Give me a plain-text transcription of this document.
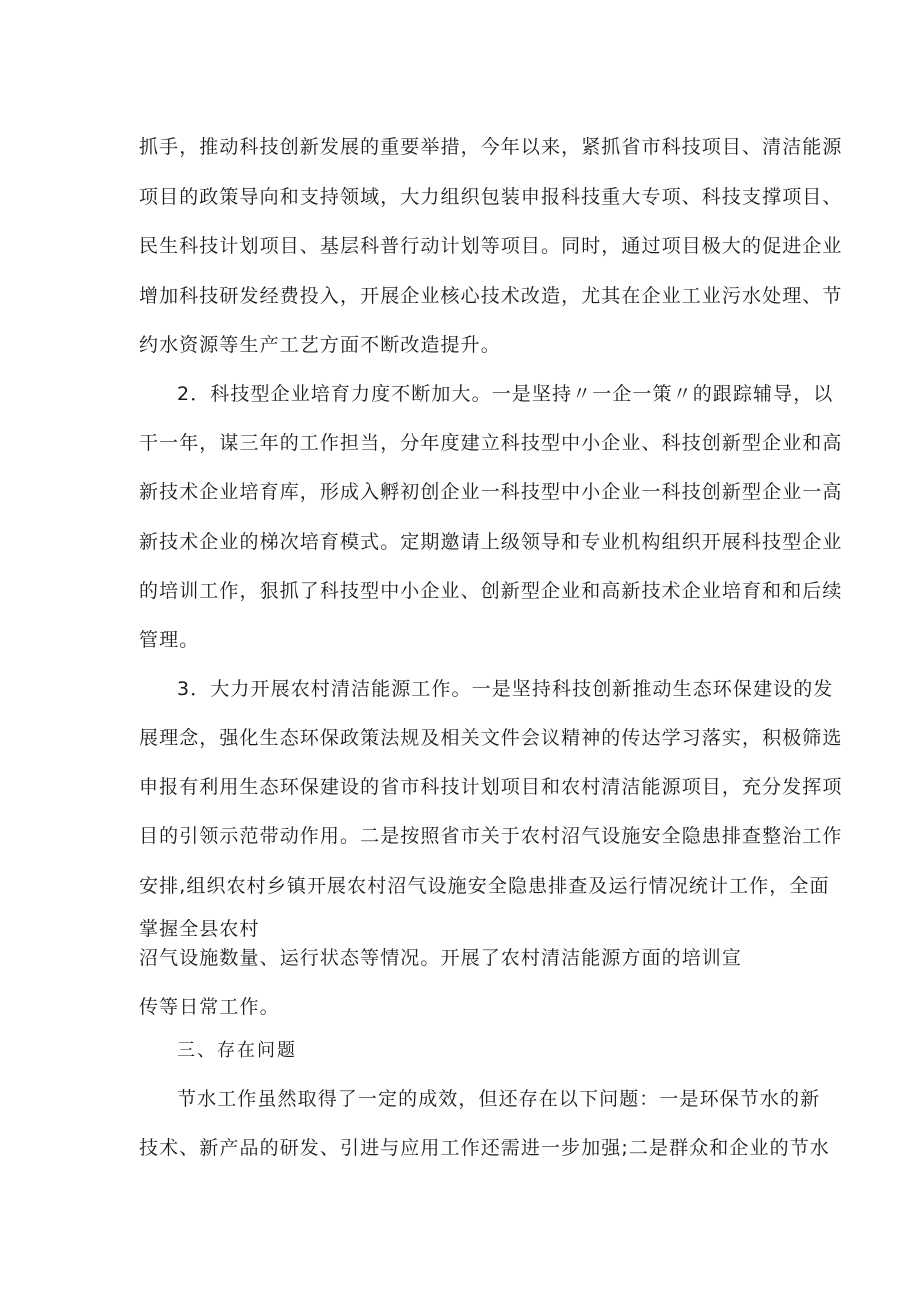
抓手，推动科技创新发展的重要举措，今年以来，紧抓省市科技项目、清洁能源
项目的政策导向和支持领域，大力组织包装申报科技重大专项、科技支撑项目、
民生科技计划项目、基层科普行动计划等项目。同时，通过项目极大的促进企业
增加科技研发经费投入，开展企业核心技术改造，尤其在企业工业污水处理、节
约水资源等生产工艺方面不断改造提升。
2．科技型企业培育力度不断加大。一是坚持〃一企一策〃的跟踪辅导，以
干一年，谋三年的工作担当，分年度建立科技型中小企业、科技创新型企业和高
新技术企业培育库，形成入孵初创企业一科技型中小企业一科技创新型企业一高
新技术企业的梯次培育模式。定期邀请上级领导和专业机构组织开展科技型企业
的培训工作，狠抓了科技型中小企业、创新型企业和高新技术企业培育和和后续
管理。
3．大力开展农村清洁能源工作。一是坚持科技创新推动生态环保建设的发
展理念，强化生态环保政策法规及相关文件会议精神的传达学习落实，积极筛选
申报有利用生态环保建设的省市科技计划项目和农村清洁能源项目，充分发挥项
目的引领示范带动作用。二是按照省市关于农村沼气设施安全隐患排查整治工作
安排,组织农村乡镇开展农村沼气设施安全隐患排查及运行情况统计工作，全面
掌握全县农村
沼气设施数量、运行状态等情况。开展了农村清洁能源方面的培训宣
传等日常工作。
三、存在问题
节水工作虽然取得了一定的成效，但还存在以下问题：一是环保节水的新
技术、新产品的研发、引进与应用工作还需进一步加强;二是群众和企业的节水
